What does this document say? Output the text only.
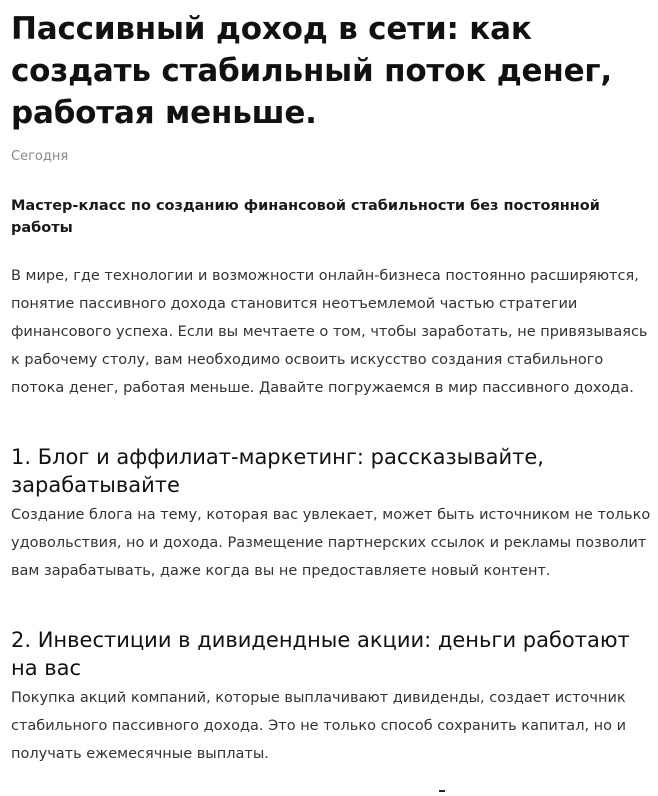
Пассивный доход в сети: как создать стабильный поток денег, работая меньше.
Сегодня
Мастер-класс по созданию финансовой стабильности без постоянной работы

В мире, где технологии и возможности онлайн-бизнеса постоянно расширяются, понятие пассивного дохода становится неотъемлемой частью стратегии финансового успеха. Если вы мечтаете о том, чтобы заработать, не привязываясь к рабочему столу, вам необходимо освоить искусство создания стабильного потока денег, работая меньше. Давайте погружаемся в мир пассивного дохода.

1. Блог и аффилиат-маркетинг: рассказывайте, зарабатывайте

Создание блога на тему, которая вас увлекает, может быть источником не только удовольствия, но и дохода. Размещение партнерских ссылок и рекламы позволит вам зарабатывать, даже когда вы не предоставляете новый контент.

2. Инвестиции в дивидендные акции: деньги работают на вас

Покупка акций компаний, которые выплачивают дивиденды, создает источник стабильного пассивного дохода. Это не только способ сохранить капитал, но и получать ежемесячные выплаты.
